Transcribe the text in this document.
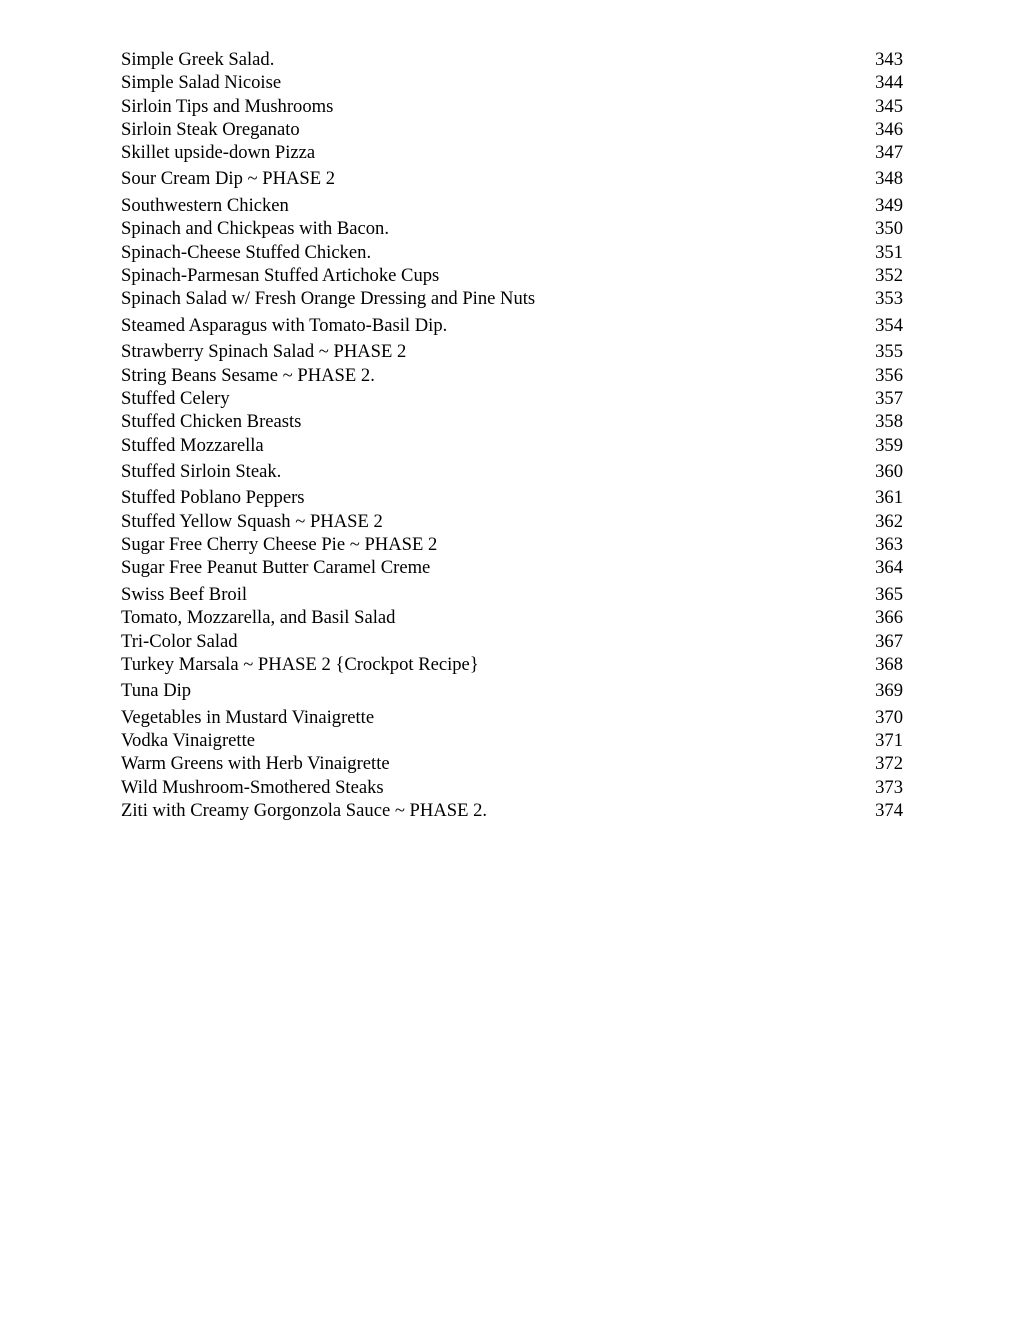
Simple Greek Salad.	343
Simple Salad Nicoise	344
Sirloin Tips and Mushrooms	345
Sirloin Steak Oreganato	346
Skillet upside-down Pizza	347
Sour Cream Dip ~ PHASE 2	348
Southwestern Chicken	349
Spinach and Chickpeas with Bacon.	350
Spinach-Cheese Stuffed Chicken.	351
Spinach-Parmesan Stuffed Artichoke Cups	352
Spinach Salad w/ Fresh Orange Dressing and Pine Nuts	353
Steamed Asparagus with Tomato-Basil Dip.	354
Strawberry Spinach Salad ~ PHASE 2	355
String Beans Sesame ~ PHASE 2.	356
Stuffed Celery	357
Stuffed Chicken Breasts	358
Stuffed Mozzarella	359
Stuffed Sirloin Steak.	360
Stuffed Poblano Peppers	361
Stuffed Yellow Squash ~ PHASE 2	362
Sugar Free Cherry Cheese Pie ~ PHASE 2	363
Sugar Free Peanut Butter Caramel Creme	364
Swiss Beef Broil	365
Tomato, Mozzarella, and Basil Salad	366
Tri-Color Salad	367
Turkey Marsala ~ PHASE 2 {Crockpot Recipe}	368
Tuna Dip	369
Vegetables in Mustard Vinaigrette	370
Vodka Vinaigrette	371
Warm Greens with Herb Vinaigrette	372
Wild Mushroom-Smothered Steaks	373
Ziti with Creamy Gorgonzola Sauce ~ PHASE 2.	374
